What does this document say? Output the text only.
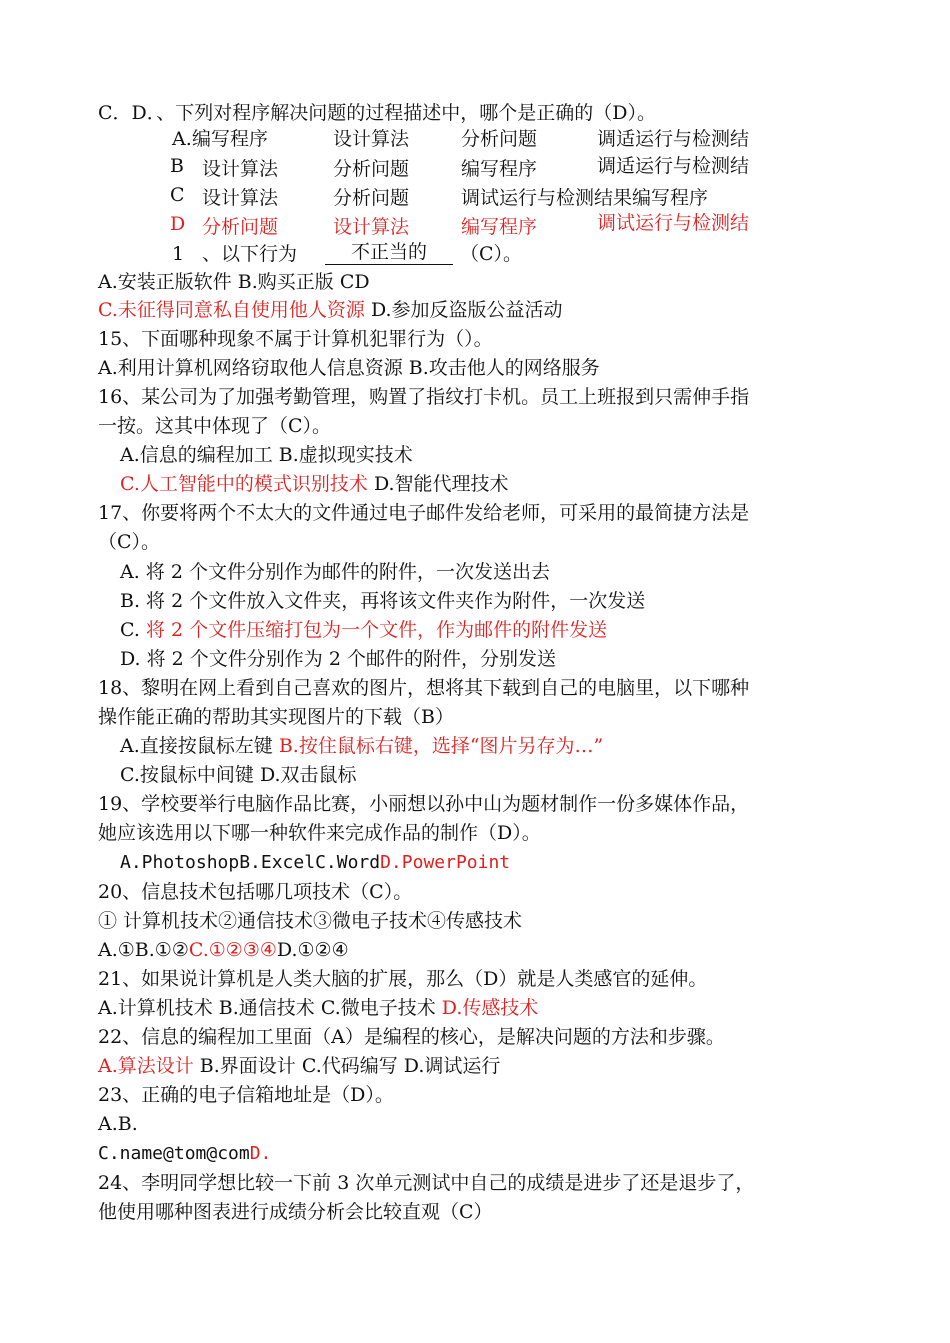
C．D．、下列对程序解决问题的过程描述中，哪个是正确的（D）。
A. 编写程序	设计算法	分析问题	调适运行与检测结
B 设计算法	分析问题	编写程序	调适运行与检测结
C 设计算法	分析问题	调试运行与检测结果编写程序
D 分析问题	设计算法	编写程序	调试运行与检测结
1 、以下行为	不正当的	（C）。
A.安装正版软件 B.购买正版 CD
C.未征得同意私自使用他人资源 D.参加反盗版公益活动
15、下面哪种现象不属于计算机犯罪行为（）。
A.利用计算机网络窃取他人信息资源 B.攻击他人的网络服务
16、某公司为了加强考勤管理，购置了指纹打卡机。员工上班报到只需伸手指
一按。这其中体现了（C）。
A.信息的编程加工 B.虚拟现实技术
C.人工智能中的模式识别技术 D.智能代理技术
17、你要将两个不太大的文件通过电子邮件发给老师，可采用的最简捷方法是
（C）。
A. 将 2 个文件分别作为邮件的附件，一次发送出去
B. 将 2 个文件放入文件夹，再将该文件夹作为附件，一次发送
C. 将 2 个文件压缩打包为一个文件，作为邮件的附件发送
D. 将 2 个文件分别作为 2 个邮件的附件，分别发送
18、黎明在网上看到自己喜欢的图片，想将其下载到自己的电脑里，以下哪种
操作能正确的帮助其实现图片的下载（B）
A.直接按鼠标左键 B.按住鼠标右键，选择“图片另存为…”
C.按鼠标中间键 D.双击鼠标
19、学校要举行电脑作品比赛，小丽想以孙中山为题材制作一份多媒体作品，
她应该选用以下哪一种软件来完成作品的制作（D）。
A.PhotoshopB.ExcelC.WordD.PowerPoint
20、信息技术包括哪几项技术（C）。
① 计算机技术②通信技术③微电子技术④传感技术
A.①B.①②C.①②③④D.①②④
21、如果说计算机是人类大脑的扩展，那么（D）就是人类感官的延伸。
A.计算机技术 B.通信技术 C.微电子技术 D.传感技术
22、信息的编程加工里面（A）是编程的核心，是解决问题的方法和步骤。
A.算法设计 B.界面设计 C.代码编写 D.调试运行
23、正确的电子信箱地址是（D）。
A.B.
C.name@tom@comD.
24、李明同学想比较一下前 3 次单元测试中自己的成绩是进步了还是退步了，
他使用哪种图表进行成绩分析会比较直观（C）
